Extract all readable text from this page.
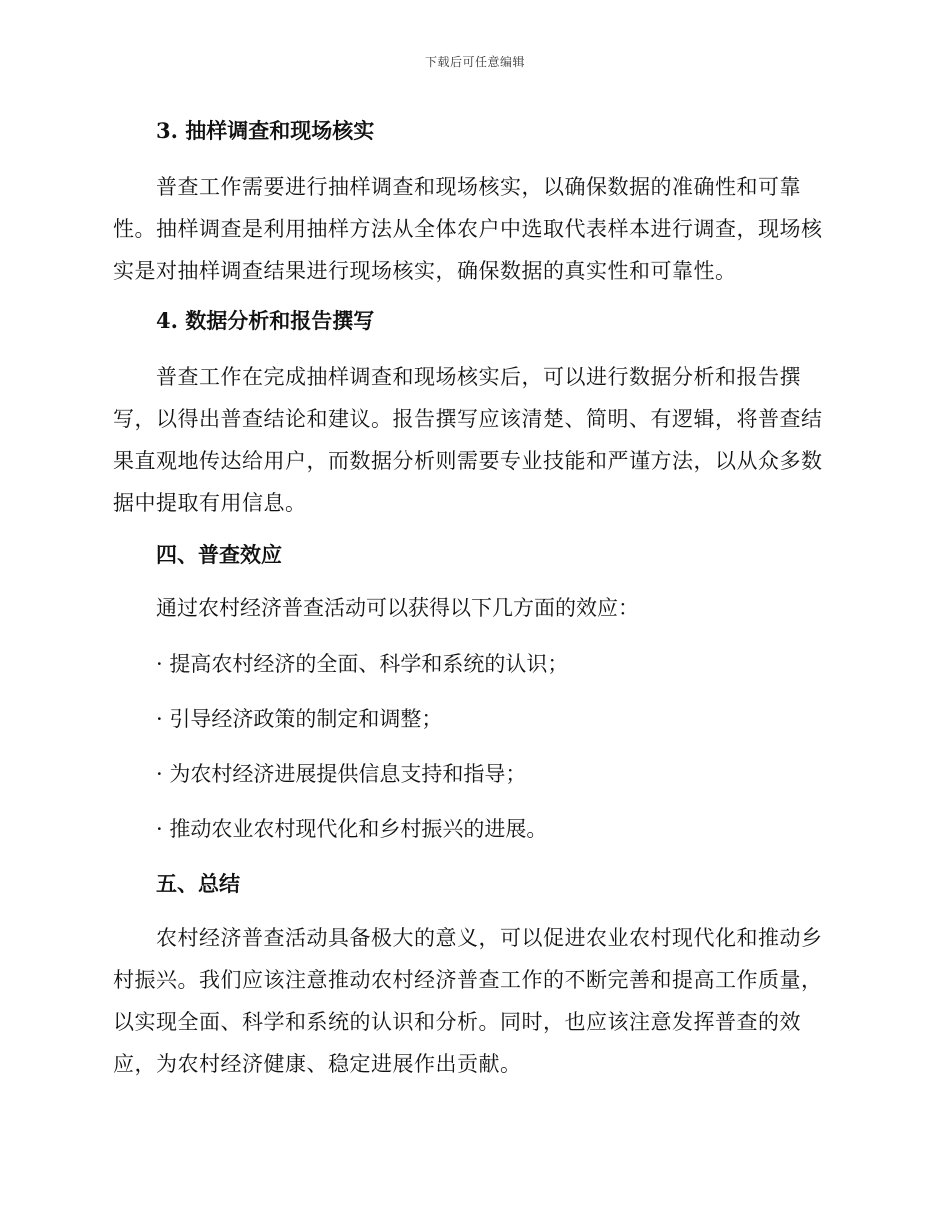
下载后可任意编辑

3. 抽样调查和现场核实

普查工作需要进行抽样调查和现场核实，以确保数据的准确性和可靠性。抽样调查是利用抽样方法从全体农户中选取代表样本进行调查，现场核实是对抽样调查结果进行现场核实，确保数据的真实性和可靠性。

4. 数据分析和报告撰写

普查工作在完成抽样调查和现场核实后，可以进行数据分析和报告撰写，以得出普查结论和建议。报告撰写应该清楚、简明、有逻辑，将普查结果直观地传达给用户，而数据分析则需要专业技能和严谨方法，以从众多数据中提取有用信息。

四、普查效应

通过农村经济普查活动可以获得以下几方面的效应：

· 提高农村经济的全面、科学和系统的认识；

· 引导经济政策的制定和调整；

· 为农村经济进展提供信息支持和指导；

· 推动农业农村现代化和乡村振兴的进展。

五、总结

农村经济普查活动具备极大的意义，可以促进农业农村现代化和推动乡村振兴。我们应该注意推动农村经济普查工作的不断完善和提高工作质量，以实现全面、科学和系统的认识和分析。同时，也应该注意发挥普查的效应，为农村经济健康、稳定进展作出贡献。
